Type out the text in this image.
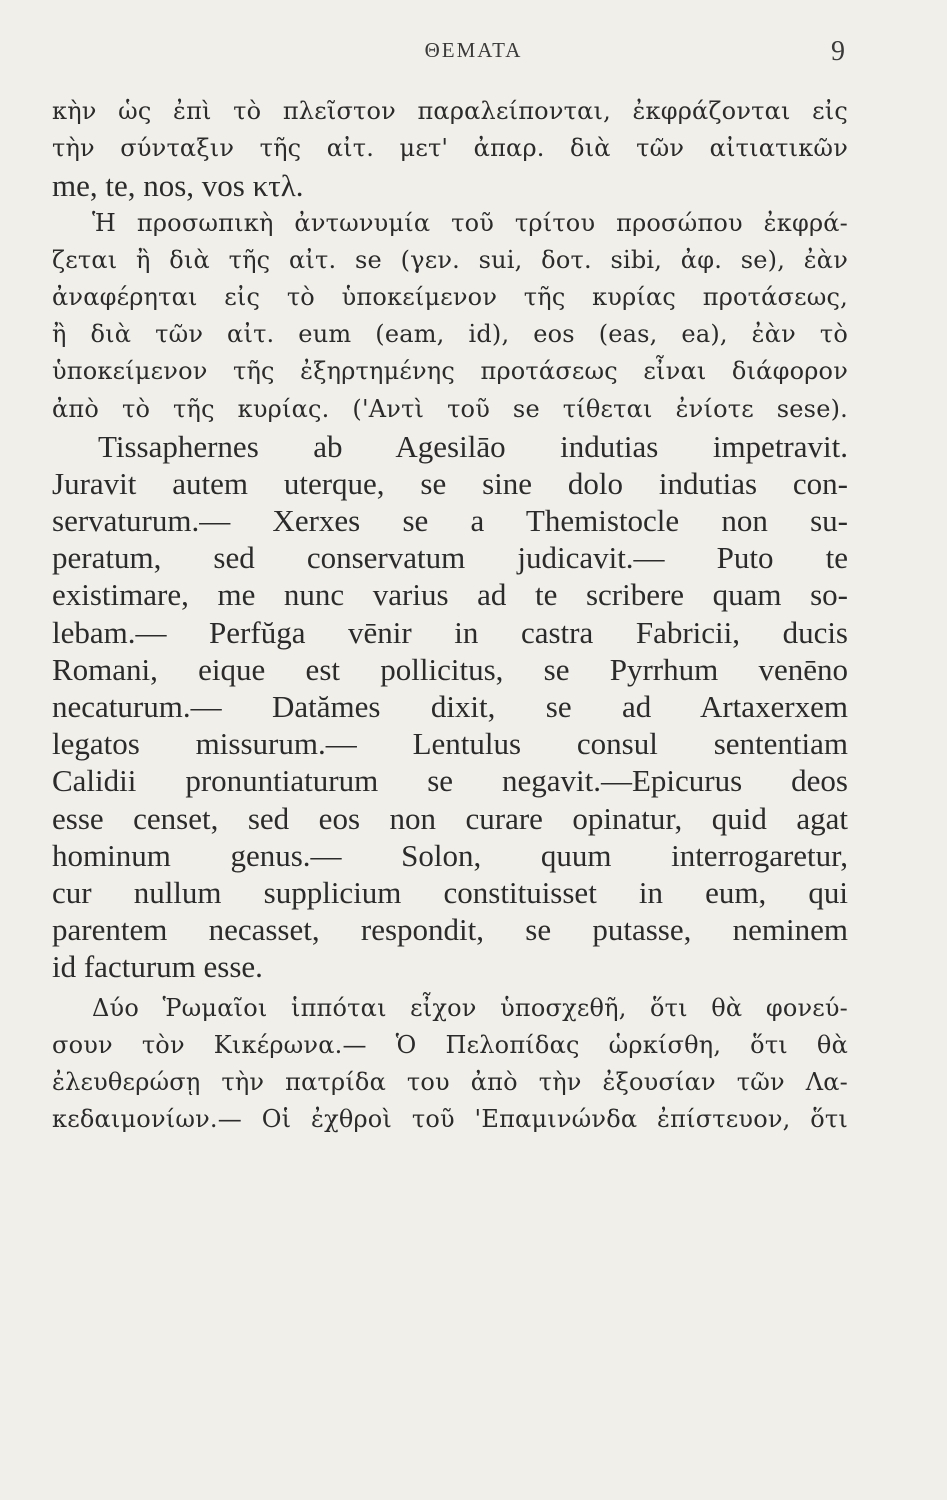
ΘΕΜΑΤΑ	9
κὴν ὡς ἐπὶ τὸ πλεῖστον παραλείπονται, ἐκφράζονται εἰς
τὴν σύνταξιν τῆς αἰτ. μετ' ἀπαρ. διὰ τῶν αἰτιατικῶν
me, te, nos, vos κτλ.
Ἡ προσωπικὴ ἀντωνυμία τοῦ τρίτου προσώπου ἐκφρά-
ζεται ἢ διὰ τῆς αἰτ. se (γεν. sui, δοτ. sibi, ἀφ. se), ἐὰν
ἀναφέρηται εἰς τὸ ὑποκείμενον τῆς κυρίας προτάσεως,
ἢ διὰ τῶν αἰτ. eum (eam, id), eos (eas, ea), ἐὰν τὸ
ὑποκείμενον τῆς ἐξηρτημένης προτάσεως εἶναι διάφορον
ἀπὸ τὸ τῆς κυρίας. ('Αντὶ τοῦ se τίθεται ἐνίοτε sese).
Tissaphernes ab Agesilāo indutias impetravit.
Juravit autem uterque, se sine dolo indutias con-
servaturum.— Xerxes se a Themistocle non su-
peratum, sed conservatum judicavit.— Puto te
existimare, me nunc varius ad te scribere quam so-
lebam.— Perfŭga vēnir in castra Fabricii, ducis
Romani, eique est pollicitus, se Pyrrhum venēno
necaturum.— Datămes dixit, se ad Artaxerxem
legatos missurum.— Lentulus consul sententiam
Calidii pronuntiaturum se negavit.—Epicurus deos
esse censet, sed eos non curare opinatur, quid agat
hominum genus.— Solon, quum interrogaretur,
cur nullum supplicium constituisset in eum, qui
parentem necasset, respondit, se putasse, neminem
id facturum esse.
Δύο Ῥωμαῖοι ἱππόται εἶχον ὑποσχεθῆ, ὅτι θὰ φονεύ-
σουν τὸν Κικέρωνα.— Ὁ Πελοπίδας ὡρκίσθη, ὅτι θὰ
ἐλευθερώσῃ τὴν πατρίδα του ἀπὸ τὴν ἐξουσίαν τῶν Λα-
κεδαιμονίων.— Οἱ ἐχθροὶ τοῦ 'Επαμινώνδα ἐπίστευον, ὅτι
